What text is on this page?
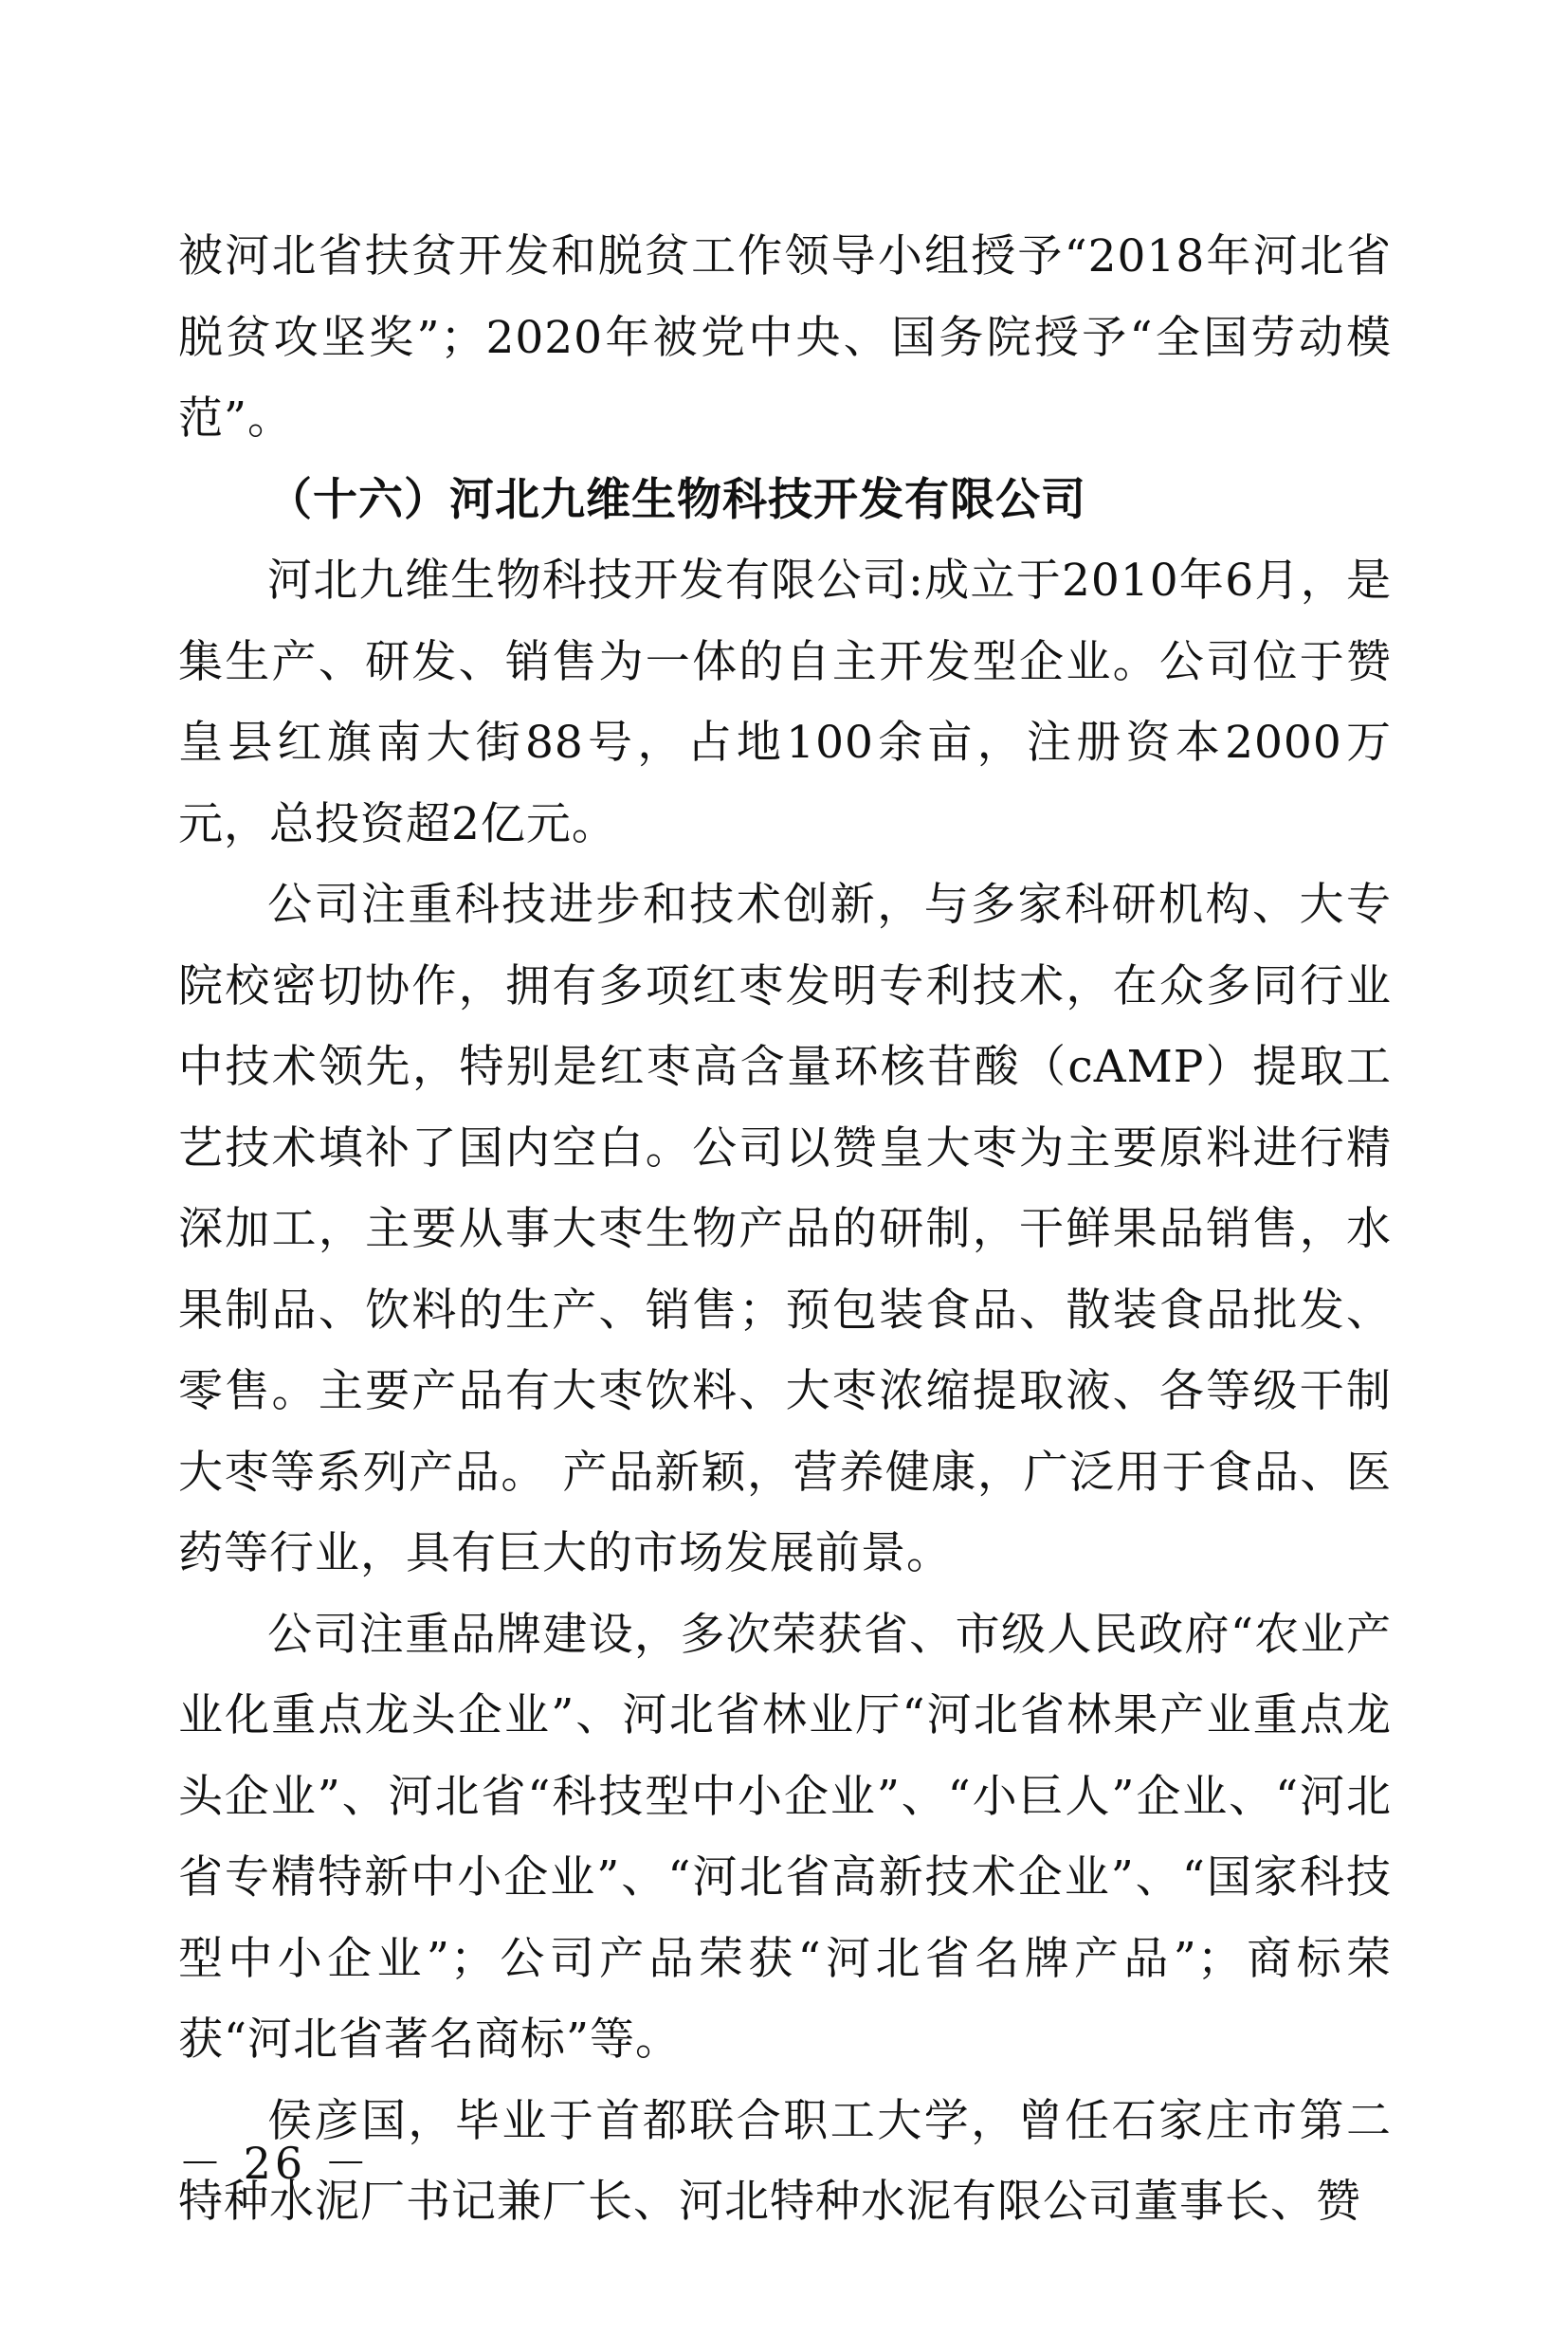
被河北省扶贫开发和脱贫工作领导小组授予“2018年河北省脱贫攻坚奖”；2020年被党中央、国务院授予“全国劳动模范”。

（十六）河北九维生物科技开发有限公司

河北九维生物科技开发有限公司:成立于2010年6月，是集生产、研发、销售为一体的自主开发型企业。公司位于赞皇县红旗南大街88号，占地100余亩，注册资本2000万元，总投资超2亿元。

公司注重科技进步和技术创新，与多家科研机构、大专院校密切协作，拥有多项红枣发明专利技术，在众多同行业中技术领先，特别是红枣高含量环核苷酸（cAMP）提取工艺技术填补了国内空白。公司以赞皇大枣为主要原料进行精深加工，主要从事大枣生物产品的研制，干鲜果品销售，水果制品、饮料的生产、销售；预包装食品、散装食品批发、零售。主要产品有大枣饮料、大枣浓缩提取液、各等级干制大枣等系列产品。 产品新颖，营养健康，广泛用于食品、医药等行业，具有巨大的市场发展前景。

公司注重品牌建设，多次荣获省、市级人民政府“农业产业化重点龙头企业”、河北省林业厅“河北省林果产业重点龙头企业”、河北省“科技型中小企业”、“小巨人”企业、“河北省专精特新中小企业”、“河北省高新技术企业”、“国家科技型中小企业”；公司产品荣获“河北省名牌产品”；商标荣获“河北省著名商标”等。

侯彦国，毕业于首都联合职工大学，曾任石家庄市第二特种水泥厂书记兼厂长、河北特种水泥有限公司董事长、赞

－ 26 －
